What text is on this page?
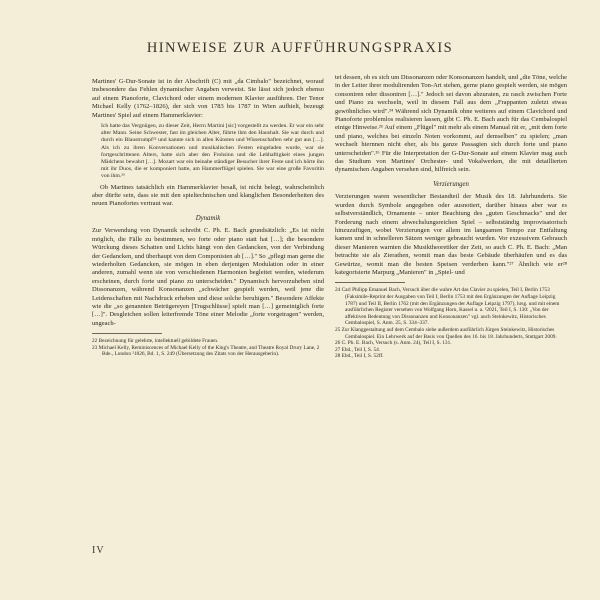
HINWEISE ZUR AUFFÜHRUNGSPRAXIS

Martines' G-Dur-Sonate ist in der Abschrift (C) mit „da Cimbalo" bezeichnet, worauf insbesondere das Fehlen dynamischer Angaben verweist. Sie lässt sich jedoch ebenso auf einem Pianoforte, Clavichord oder einem modernen Klavier ausführen. Der Tenor Michael Kelly (1762–1826), der sich von 1783 bis 1787 in Wien aufhielt, bezeugt Martines' Spiel auf einem Hammerklavier:

Ich hatte das Vergnügen, zu dieser Zeit, Herrn Martini [sic] vorgestellt zu werden. Er war ein sehr alter Mann. Seine Schwester, fast im gleichen Alter, führte ihm den Haushalt. Sie war durch und durch ein Blaustrumpf²² und kannte sich in allen Künsten und Wissenschaften sehr gut aus […]. Als ich zu ihren Konversationen und musikalischen Festen eingeladen wurde, war sie fortgeschrittenen Alters, hatte sich aber den Frohsinn und die Lebhaftigkeit eines jungen Mädchens bewahrt […]. Mozart war ein beinahe ständiger Besucher ihrer Feste und ich hörte ihn mit ihr Duos, die er komponiert hatte, am Hammerflügel spielen. Sie war eine große Favoritin von ihm.²³

Ob Martines tatsächlich ein Hammerklavier besaß, ist nicht belegt, wahrscheinlich aber dürfte sein, dass sie mit den spieltechnischen und klanglichen Besonderheiten des neuen Pianofortes vertraut war.

Dynamik

Zur Verwendung von Dynamik schreibt C. Ph. E. Bach grundsätzlich: „Es ist nicht möglich, die Fälle zu bestimmen, wo forte oder piano statt hat […]; die besondere Würckung dieses Schatten und Lichts hängt von den Gedancken, von der Verbindung der Gedancken, und überhaupt von dem Componisten ab […]." So „pflegt man gerne die wiederholten Gedancken, sie mögen in eben derjenigen Modulation oder in einer anderen, zumahl wenn sie von verschiedenen Harmonien begleitet werden, wiederum erscheinen, durch forte und piano zu unterscheiden." Dynamisch hervorzuheben sind Dissonanzen, während Konsonanzen „schwächer gespielt werden, weil jene die Leidenschaften mit Nachdruck erheben und diese solche beruhigen." Besondere Affekte wie die „so genannten Betrügereyen [Trugschlüsse] spielt man […] gemeiniglich forte […]". Desgleichen sollen leiterfremde Töne einer Melodie „forte vorgetragen" werden, ungeach-

22 Bezeichnung für gelehrte, intellektuell gebildete Frauen.

23 Michael Kelly, Reminiscences of Michael Kelly of the King's Theatre, and Theatre Royal Drury Lane, 2 Bde., London ²1826, Bd. 1, S. 249 (Übersetzung des Zitats von der Herausgeberin).

tet dessen, ob es sich um Dissonanzen oder Konsonanzen handelt, und „die Töne, welche in der Leiter ihrer modulirenden Ton-Art stehen, gerne piano gespielt werden, sie mögen consoniren oder dissoniren […]." Jedoch sei davon abzuraten, zu rasch zwischen Forte und Piano zu wechseln, weil in diesem Fall aus dem „Frappanten zuletzt etwas gewöhnliches wird".²⁴ Während sich Dynamik ohne weiteres auf einem Clavichord und Pianoforte problemlos realisieren lassen, gibt C. Ph. E. Bach auch für das Cembalospiel einige Hinweise.²⁵ Auf einem „Flügel" mit mehr als einem Manual rät er, „mit dem forte und piano, welches bei einzeln Noten vorkommt, auf demselben" zu spielen; „man wechselt hiernnen nicht eher, als bis ganze Passagien sich durch forte und piano unterscheiden".²⁶ Für die Interpretation der G-Dur-Sonate auf einem Klavier mag auch das Studium von Martines' Orchester- und Vokalwerken, die mit detaillierten dynamischen Angaben versehen sind, hilfreich sein.

Verzierungen

Verzierungen waren wesentlicher Bestandteil der Musik des 18. Jahrhunderts. Sie wurden durch Symbole angegeben oder ausnotiert, darüber hinaus aber war es selbstverständlich, Ornamente – unter Beachtung des „guten Geschmacks" und der Forderung nach einem abwechslungsreichen Spiel – selbstständig improvisatorisch hinzuzufügen, wobei Verzierungen vor allem im langsamen Tempo zur Entfaltung kamen und in schnelleren Sätzen weniger gebraucht wurden. Vor exzessivem Gebrauch dieser Manieren warnten die Musiktheoretiker der Zeit, so auch C. Ph. E. Bach: „Man betrachte sie als Zierathen, womit man das beste Gebäude überhäufen und es das Gewürtze, womit man die besten Speisen verderben kann."²⁷ Ähnlich wie er²⁸ kategorisierte Marpurg „Manieren" in „Spiel- und

24 Carl Philipp Emanuel Bach, Versuch über die wahre Art das Clavier zu spielen, Teil I, Berlin 1753 (Faksimile-Reprint der Ausgaben von Teil I, Berlin 1753 mit den Ergänzungen der Auflage Leipzig 1787) und Teil II, Berlin 1762 (mit den Ergänzungen der Auflage Leipzig 1797), hrsg. und mit einem ausführlichen Register versehen von Wolfgang Horn, Kassel u. a. ²2021, Teil I, S. 130: „Von der affektiven Bedeutung von Dissonanzen und Konsonanzen" vgl. auch Steinkewitz, Historisches Cembalospiel, S. Anm. 25, S. 334–337.

25 Zur Klanggestaltung auf dem Cembalo siehe außerdem ausführlich Jürgen Steinkewitz, Historisches Cembalospiel. Ein Lehrwerk auf der Basis von Quellen des 16. bis 18. Jahrhunderts, Stuttgart 2009.

26 C. Ph. E. Bach, Versuch (s. Anm. 24), Teil I, S. 131.

27 Ebd., Teil I, S. 54.

28 Ebd., Teil I, S. 52ff.

IV
